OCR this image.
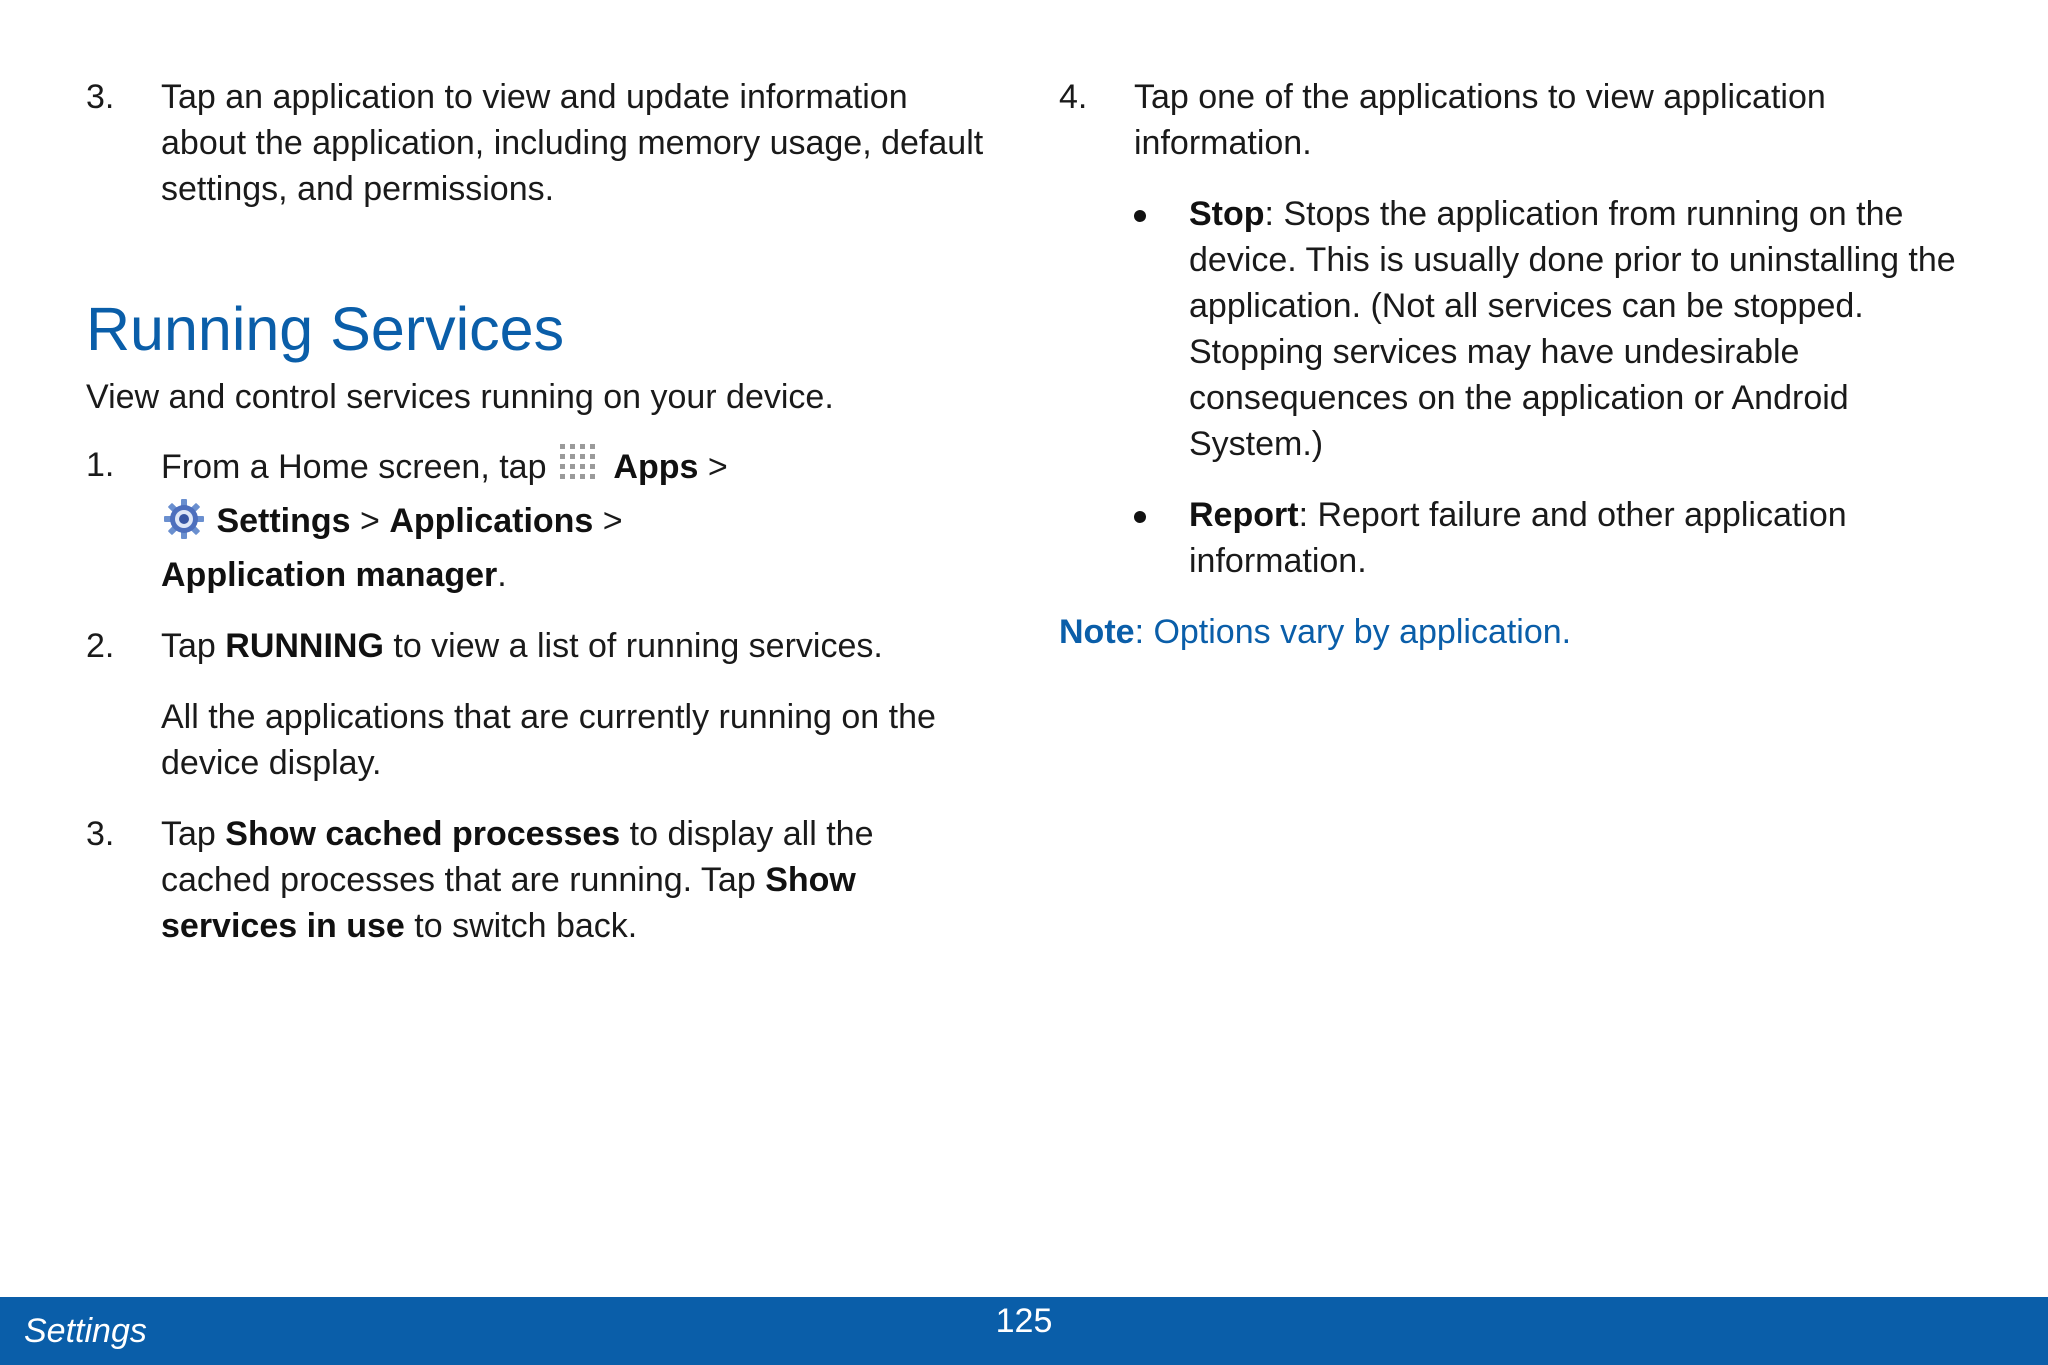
3. Tap an application to view and update information about the application, including memory usage, default settings, and permissions.

Running Services

View and control services running on your device.

1. From a Home screen, tap Apps >
Settings > Applications >
Application manager.

2. Tap RUNNING to view a list of running services.

All the applications that are currently running on the device display.

3. Tap Show cached processes to display all the cached processes that are running. Tap Show services in use to switch back.

4. Tap one of the applications to view application information.

Stop: Stops the application from running on the device. This is usually done prior to uninstalling the application. (Not all services can be stopped. Stopping services may have undesirable consequences on the application or Android System.)
Report: Report failure and other application information.

Note: Options vary by application.

Settings	125
